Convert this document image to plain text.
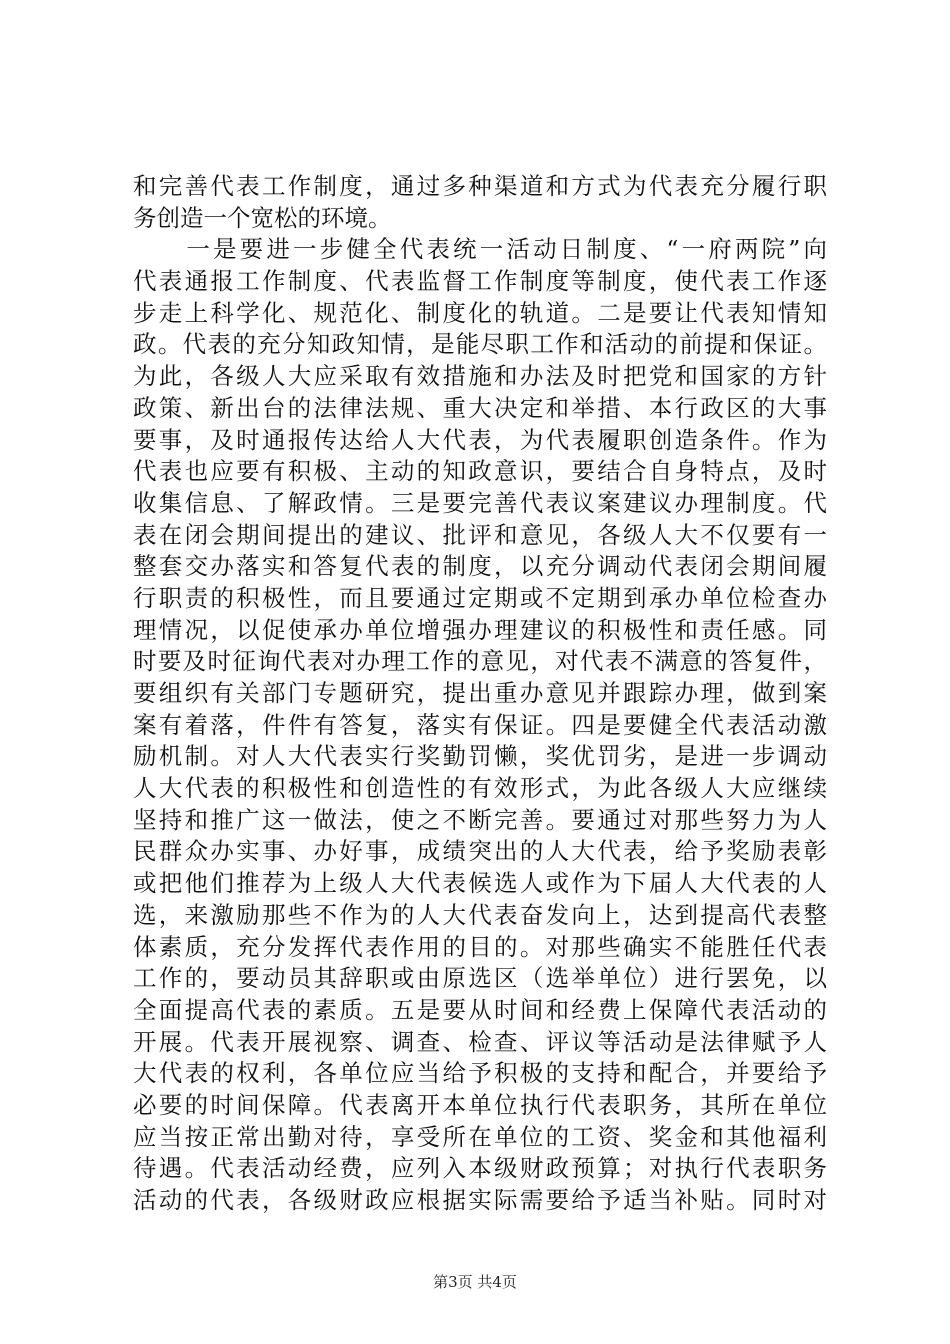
和完善代表工作制度，通过多种渠道和方式为代表充分履行职
务创造一个宽松的环境。
　　一是要进一步健全代表统一活动日制度、“一府两院”向
代表通报工作制度、代表监督工作制度等制度，使代表工作逐
步走上科学化、规范化、制度化的轨道。二是要让代表知情知
政。代表的充分知政知情，是能尽职工作和活动的前提和保证。
为此，各级人大应采取有效措施和办法及时把党和国家的方针
政策、新出台的法律法规、重大决定和举措、本行政区的大事
要事，及时通报传达给人大代表，为代表履职创造条件。作为
代表也应要有积极、主动的知政意识，要结合自身特点，及时
收集信息、了解政情。三是要完善代表议案建议办理制度。代
表在闭会期间提出的建议、批评和意见，各级人大不仅要有一
整套交办落实和答复代表的制度，以充分调动代表闭会期间履
行职责的积极性，而且要通过定期或不定期到承办单位检查办
理情况，以促使承办单位增强办理建议的积极性和责任感。同
时要及时征询代表对办理工作的意见，对代表不满意的答复件，
要组织有关部门专题研究，提出重办意见并跟踪办理，做到案
案有着落，件件有答复，落实有保证。四是要健全代表活动激
励机制。对人大代表实行奖勤罚懒，奖优罚劣，是进一步调动
人大代表的积极性和创造性的有效形式，为此各级人大应继续
坚持和推广这一做法，使之不断完善。要通过对那些努力为人
民群众办实事、办好事，成绩突出的人大代表，给予奖励表彰
或把他们推荐为上级人大代表候选人或作为下届人大代表的人
选，来激励那些不作为的人大代表奋发向上，达到提高代表整
体素质，充分发挥代表作用的目的。对那些确实不能胜任代表
工作的，要动员其辞职或由原选区（选举单位）进行罢免，以
全面提高代表的素质。五是要从时间和经费上保障代表活动的
开展。代表开展视察、调查、检查、评议等活动是法律赋予人
大代表的权利，各单位应当给予积极的支持和配合，并要给予
必要的时间保障。代表离开本单位执行代表职务，其所在单位
应当按正常出勤对待，享受所在单位的工资、奖金和其他福利
待遇。代表活动经费，应列入本级财政预算；对执行代表职务
活动的代表，各级财政应根据实际需要给予适当补贴。同时对
第3页 共4页
